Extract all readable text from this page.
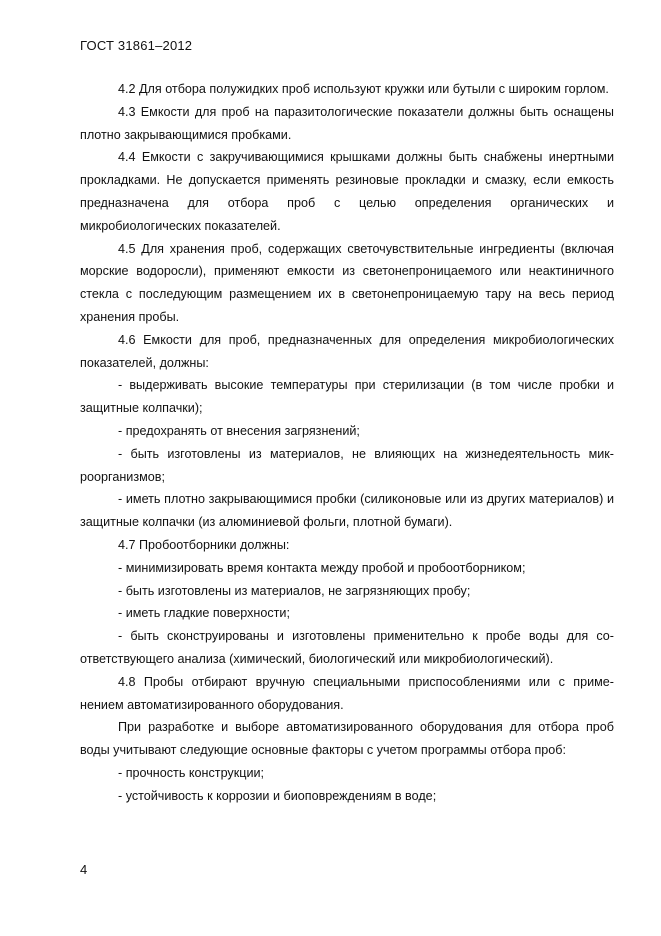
ГОСТ 31861–2012

4.2 Для отбора полужидких проб используют кружки или бутыли с широким горлом.

4.3 Емкости для проб на паразитологические показатели должны быть оснащены плотно закрывающимися пробками.

4.4 Емкости с закручивающимися крышками должны быть снабжены инертными прокладками. Не допускается применять резиновые прокладки и смазку, если емкость предназначена для отбора проб с целью определения органических и микробиологических показателей.

4.5 Для хранения проб, содержащих светочувствительные ингредиенты (включая морские водоросли), применяют емкости из светонепроницаемого или неактиничного стекла с последующим размещением их в светонепроницаемую тару на весь период хранения пробы.

4.6 Емкости для проб, предназначенных для определения микробиологических показателей, должны:

- выдерживать высокие температуры при стерилизации (в том числе пробки и защитные колпачки);

- предохранять от внесения загрязнений;

- быть изготовлены из материалов, не влияющих на жизнедеятельность микроорганизмов;

- иметь плотно закрывающимися пробки (силиконовые или из других материалов) и защитные колпачки (из алюминиевой фольги, плотной бумаги).

4.7 Пробоотборники должны:

- минимизировать время контакта между пробой и пробоотборником;

- быть изготовлены из материалов, не загрязняющих пробу;

- иметь гладкие поверхности;

- быть сконструированы и изготовлены применительно к пробе воды для соответствующего анализа (химический, биологический или микробиологический).

4.8 Пробы отбирают вручную специальными приспособлениями или с применением автоматизированного оборудования.

При разработке и выборе автоматизированного оборудования для отбора проб воды учитывают следующие основные факторы с учетом программы отбора проб:

- прочность конструкции;

- устойчивость к коррозии и биоповреждениям в воде;

4
